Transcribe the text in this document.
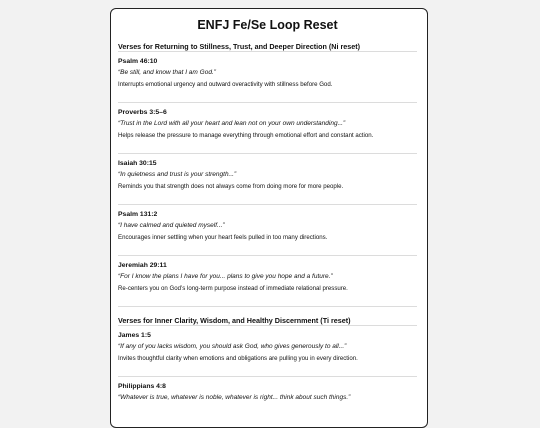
ENFJ Fe/Se Loop Reset
Verses for Returning to Stillness, Trust, and Deeper Direction (Ni reset)
Psalm 46:10
“Be still, and know that I am God.”
Interrupts emotional urgency and outward overactivity with stillness before God.
Proverbs 3:5–6
“Trust in the Lord with all your heart and lean not on your own understanding...”
Helps release the pressure to manage everything through emotional effort and constant action.
Isaiah 30:15
“In quietness and trust is your strength...”
Reminds you that strength does not always come from doing more for more people.
Psalm 131:2
“I have calmed and quieted myself...”
Encourages inner settling when your heart feels pulled in too many directions.
Jeremiah 29:11
“For I know the plans I have for you... plans to give you hope and a future.”
Re-centers you on God’s long-term purpose instead of immediate relational pressure.
Verses for Inner Clarity, Wisdom, and Healthy Discernment (Ti reset)
James 1:5
“If any of you lacks wisdom, you should ask God, who gives generously to all...”
Invites thoughtful clarity when emotions and obligations are pulling you in every direction.
Philippians 4:8
“Whatever is true, whatever is noble, whatever is right... think about such things.”
